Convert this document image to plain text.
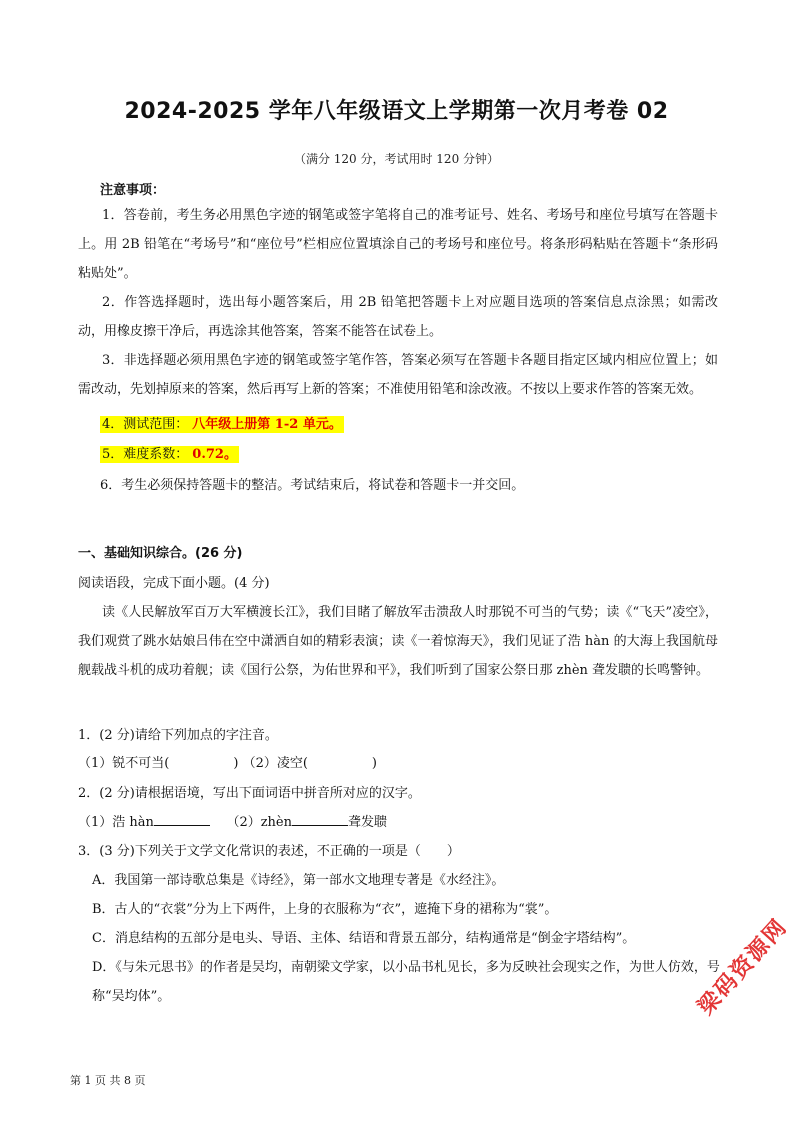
2024-2025 学年八年级语文上学期第一次月考卷 02
（满分 120 分，考试用时 120 分钟）
注意事项：

1．答卷前，考生务必用黑色字迹的钢笔或签字笔将自己的准考证号、姓名、考场号和座位号填写在答题卡上。用 2B 铅笔在“考场号”和“座位号”栏相应位置填涂自己的考场号和座位号。将条形码粘贴在答题卡“条形码粘贴处”。

2．作答选择题时，选出每小题答案后，用 2B 铅笔把答题卡上对应题目选项的答案信息点涂黑；如需改动，用橡皮擦干净后，再选涂其他答案，答案不能答在试卷上。

3．非选择题必须用黑色字迹的钢笔或签字笔作答，答案必须写在答题卡各题目指定区域内相应位置上；如需改动，先划掉原来的答案，然后再写上新的答案；不准使用铅笔和涂改液。不按以上要求作答的答案无效。

4．测试范围： 八年级上册第 1-2 单元。
5．难度系数： 0.72。
6．考生必须保持答题卡的整洁。考试结束后，将试卷和答题卡一并交回。
一、基础知识综合。(26 分)
阅读语段，完成下面小题。(4 分)

读《人民解放军百万大军横渡长江》，我们目睹了解放军击溃敌人时那锐不可当的气势；读《“飞天”凌空》，我们观赏了跳水姑娘吕伟在空中潇洒自如的精彩表演；读《一着惊海天》，我们见证了浩 hàn 的大海上我国航母舰载战斗机的成功着舰；读《国行公祭，为佑世界和平》，我们听到了国家公祭日那 zhèn 聋发聩的长鸣警钟。

1．(2 分)请给下列加点的字注音。
（1）锐不可当(	) （2）凌空(	)
2．(2 分)请根据语境，写出下面词语中拼音所对应的汉字。
（1）浩 hàn	（2）zhèn	聋发聩
3．(3 分)下列关于文学文化常识的表述，不正确的一项是（　　）
A．我国第一部诗歌总集是《诗经》，第一部水文地理专著是《水经注》。
B．古人的“衣裳”分为上下两件，上身的衣服称为“衣”，遮掩下身的裙称为“裳”。
C．消息结构的五部分是电头、导语、主体、结语和背景五部分，结构通常是“倒金字塔结构”。
D．《与朱元思书》的作者是吴均，南朝梁文学家，以小品书札见长，多为反映社会现实之作，为世人仿效，号称“吴均体”。
第 1 页 共 8 页
梁码资源网
